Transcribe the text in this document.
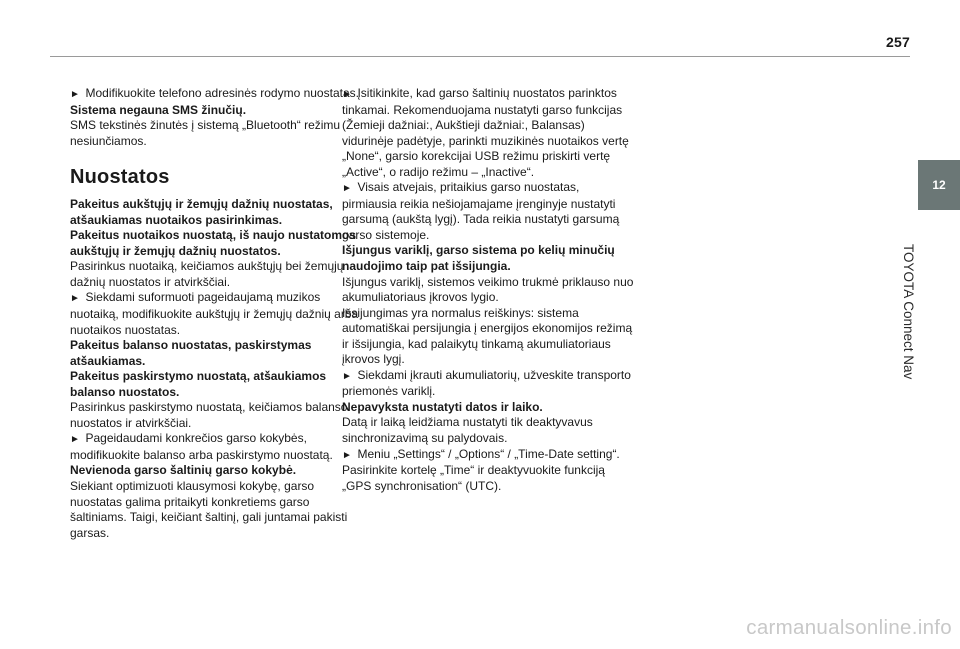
257
12
TOYOTA Connect Nav

►  Modifikuokite telefono adresinės rodymo nuostatas.

Sistema negauna SMS žinučių.

SMS tekstinės žinutės į sistemą „Bluetooth“ režimu nesiunčiamos.

Nuostatos

Pakeitus aukštųjų ir žemųjų dažnių nuostatas, atšaukiamas nuotaikos pasirinkimas.

Pakeitus nuotaikos nuostatą, iš naujo nustatomos aukštųjų ir žemųjų dažnių nuostatos.

Pasirinkus nuotaiką, keičiamos aukštųjų bei žemųjų dažnių nuostatos ir atvirkščiai.

►  Siekdami suformuoti pageidaujamą muzikos nuotaiką, modifikuokite aukštųjų ir žemųjų dažnių arba nuotaikos nuostatas.

Pakeitus balanso nuostatas, paskirstymas atšaukiamas.

Pakeitus paskirstymo nuostatą, atšaukiamos balanso nuostatos.

Pasirinkus paskirstymo nuostatą, keičiamos balanso nuostatos ir atvirkščiai.

►  Pageidaudami konkrečios garso kokybės, modifikuokite balanso arba paskirstymo nuostatą.

Nevienoda garso šaltinių garso kokybė.

Siekiant optimizuoti klausymosi kokybę, garso nuostatas galima pritaikyti konkretiems garso šaltiniams. Taigi, keičiant šaltinį, gali juntamai pakisti garsas.

►  Įsitikinkite, kad garso šaltinių nuostatos parinktos tinkamai. Rekomenduojama nustatyti garso funkcijas (Žemieji dažniai:, Aukštieji dažniai:, Balansas) vidurinėje padėtyje, parinkti muzikinės nuotaikos vertę „None“, garsio korekcijai USB režimu priskirti vertę „Active“, o radijo režimu – „Inactive“.

►  Visais atvejais, pritaikius garso nuostatas, pirmiausia reikia nešiojamajame įrenginyje nustatyti garsumą (aukštą lygį). Tada reikia nustatyti garsumą garso sistemoje.

Išjungus variklį, garso sistema po kelių minučių naudojimo taip pat išsijungia.

Išjungus variklį, sistemos veikimo trukmė priklauso nuo akumuliatoriaus įkrovos lygio.

Išsijungimas yra normalus reiškinys: sistema automatiškai persijungia į energijos ekonomijos režimą ir išsijungia, kad palaikytų tinkamą akumuliatoriaus įkrovos lygį.

►  Siekdami įkrauti akumuliatorių, užveskite transporto priemonės variklį.

Nepavyksta nustatyti datos ir laiko.

Datą ir laiką leidžiama nustatyti tik deaktyvavus sinchronizavimą su palydovais.

►  Meniu „Settings“ / „Options“ / „Time-Date setting“. Pasirinkite kortelę „Time“ ir deaktyvuokite funkciją „GPS synchronisation“ (UTC).

carmanualsonline.info
